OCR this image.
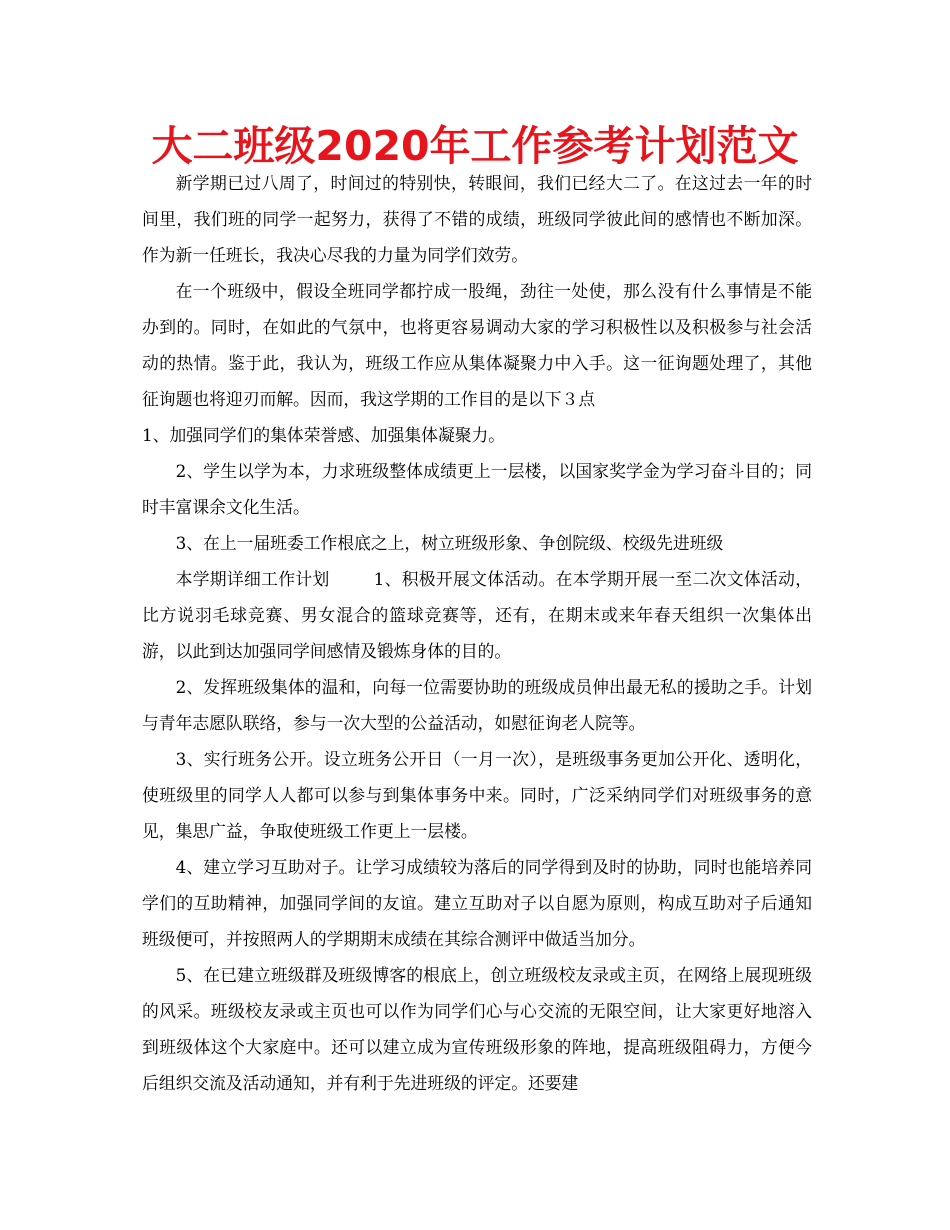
大二班级2020年工作参考计划范文

新学期已过八周了，时间过的特别快，转眼间，我们已经大二了。在这过去一年的时间里，我们班的同学一起努力，获得了不错的成绩，班级同学彼此间的感情也不断加深。作为新一任班长，我决心尽我的力量为同学们效劳。

在一个班级中，假设全班同学都拧成一股绳，劲往一处使，那么没有什么事情是不能办到的。同时，在如此的气氛中，也将更容易调动大家的学习积极性以及积极参与社会活动的热情。鉴于此，我认为，班级工作应从集体凝聚力中入手。这一征询题处理了，其他征询题也将迎刃而解。因而，我这学期的工作目的是以下３点

1、加强同学们的集体荣誉感、加强集体凝聚力。

2、学生以学为本，力求班级整体成绩更上一层楼，以国家奖学金为学习奋斗目的；同时丰富课余文化生活。

3、在上一届班委工作根底之上，树立班级形象、争创院级、校级先进班级

本学期详细工作计划	1、积极开展文体活动。在本学期开展一至二次文体活动，比方说羽毛球竞赛、男女混合的篮球竞赛等，还有，在期末或来年春天组织一次集体出游，以此到达加强同学间感情及锻炼身体的目的。

2、发挥班级集体的温和，向每一位需要协助的班级成员伸出最无私的援助之手。计划与青年志愿队联络，参与一次大型的公益活动，如慰征询老人院等。

3、实行班务公开。设立班务公开日（一月一次），是班级事务更加公开化、透明化，使班级里的同学人人都可以参与到集体事务中来。同时，广泛采纳同学们对班级事务的意见，集思广益，争取使班级工作更上一层楼。

4、建立学习互助对子。让学习成绩较为落后的同学得到及时的协助，同时也能培养同学们的互助精神，加强同学间的友谊。建立互助对子以自愿为原则，构成互助对子后通知班级便可，并按照两人的学期期末成绩在其综合测评中做适当加分。

5、在已建立班级群及班级博客的根底上，创立班级校友录或主页，在网络上展现班级的风采。班级校友录或主页也可以作为同学们心与心交流的无限空间，让大家更好地溶入到班级体这个大家庭中。还可以建立成为宣传班级形象的阵地，提高班级阻碍力，方便今后组织交流及活动通知，并有利于先进班级的评定。还要建
